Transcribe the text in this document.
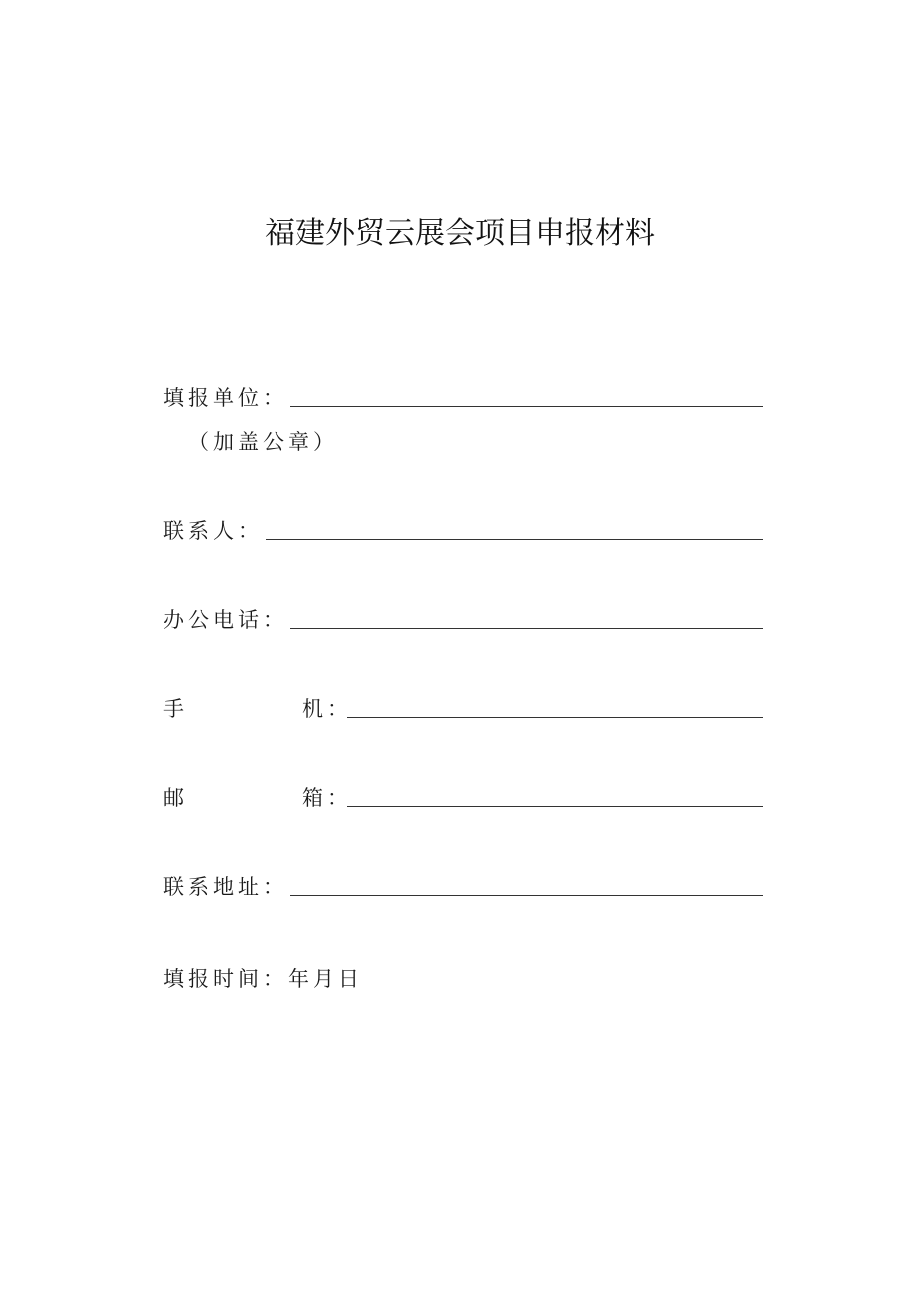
福建外贸云展会项目申报材料
填报单位：
（加盖公章）
联系人：
办公电话：
手	机：
邮	箱：
联系地址：
填报时间：年月日
